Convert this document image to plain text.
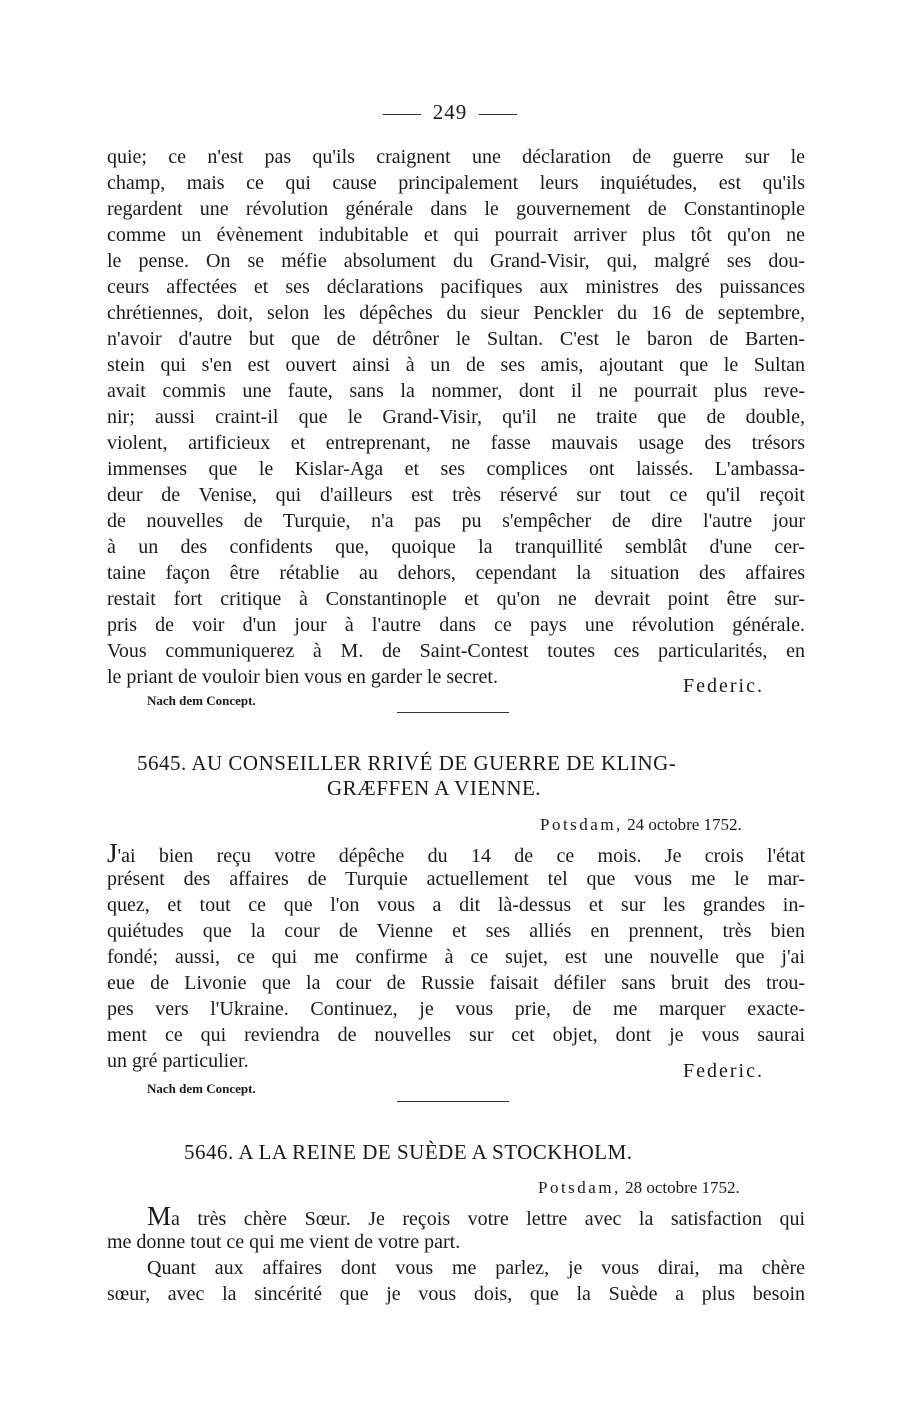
249
quie; ce n'est pas qu'ils craignent une déclaration de guerre sur le
champ, mais ce qui cause principalement leurs inquiétudes, est qu'ils
regardent une révolution générale dans le gouvernement de Constantinople
comme un évènement indubitable et qui pourrait arriver plus tôt qu'on ne
le pense. On se méfie absolument du Grand-Visir, qui, malgré ses dou-
ceurs affectées et ses déclarations pacifiques aux ministres des puissances
chrétiennes, doit, selon les dépêches du sieur Penckler du 16 de septembre,
n'avoir d'autre but que de détrôner le Sultan. C'est le baron de Barten-
stein qui s'en est ouvert ainsi à un de ses amis, ajoutant que le Sultan
avait commis une faute, sans la nommer, dont il ne pourrait plus reve-
nir; aussi craint-il que le Grand-Visir, qu'il ne traite que de double,
violent, artificieux et entreprenant, ne fasse mauvais usage des trésors
immenses que le Kislar-Aga et ses complices ont laissés. L'ambassa-
deur de Venise, qui d'ailleurs est très réservé sur tout ce qu'il reçoit
de nouvelles de Turquie, n'a pas pu s'empêcher de dire l'autre jour
à un des confidents que, quoique la tranquillité semblât d'une cer-
taine façon être rétablie au dehors, cependant la situation des affaires
restait fort critique à Constantinople et qu'on ne devrait point être sur-
pris de voir d'un jour à l'autre dans ce pays une révolution générale.
Vous communiquerez à M. de Saint-Contest toutes ces particularités, en
le priant de vouloir bien vous en garder le secret.	Federic.
Nach dem Concept.
5645. AU CONSEILLER RRIVÉ DE GUERRE DE KLING-
GRÆFFEN A VIENNE.
Potsdam, 24 octobre 1752.
J'ai bien reçu votre dépêche du 14 de ce mois. Je crois l'état
présent des affaires de Turquie actuellement tel que vous me le mar-
quez, et tout ce que l'on vous a dit là-dessus et sur les grandes in-
quiétudes que la cour de Vienne et ses alliés en prennent, très bien
fondé; aussi, ce qui me confirme à ce sujet, est une nouvelle que j'ai
eue de Livonie que la cour de Russie faisait défiler sans bruit des trou-
pes vers l'Ukraine. Continuez, je vous prie, de me marquer exacte-
ment ce qui reviendra de nouvelles sur cet objet, dont je vous saurai
un gré particulier.	Federic.
Nach dem Concept.
5646. A LA REINE DE SUÈDE A STOCKHOLM.
Potsdam, 28 octobre 1752.
Ma très chère Sœur. Je reçois votre lettre avec la satisfaction qui
me donne tout ce qui me vient de votre part.
Quant aux affaires dont vous me parlez, je vous dirai, ma chère
sœur, avec la sincérité que je vous dois, que la Suède a plus besoin
